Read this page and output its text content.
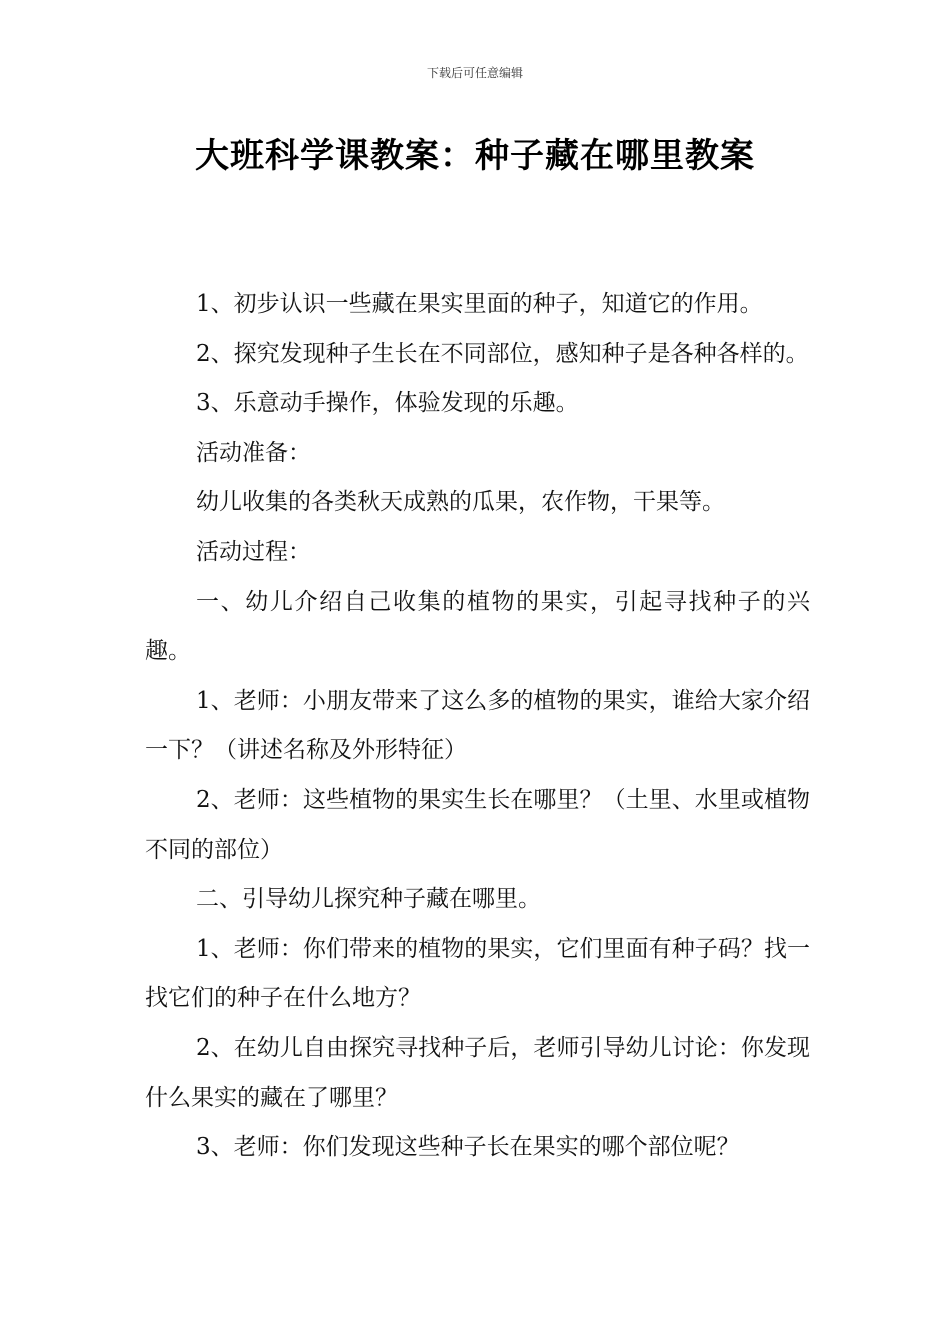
下载后可任意编辑
大班科学课教案：种子藏在哪里教案

1、初步认识一些藏在果实里面的种子，知道它的作用。

2、探究发现种子生长在不同部位，感知种子是各种各样的。

3、乐意动手操作，体验发现的乐趣。

活动准备：

幼儿收集的各类秋天成熟的瓜果，农作物，干果等。

活动过程：

一、幼儿介绍自己收集的植物的果实，引起寻找种子的兴趣。

1、老师：小朋友带来了这么多的植物的果实，谁给大家介绍一下？（讲述名称及外形特征）

2、老师：这些植物的果实生长在哪里？（土里、水里或植物不同的部位）

二、引导幼儿探究种子藏在哪里。

1、老师：你们带来的植物的果实，它们里面有种子码？找一找它们的种子在什么地方？

2、在幼儿自由探究寻找种子后，老师引导幼儿讨论：你发现什么果实的藏在了哪里？

3、老师：你们发现这些种子长在果实的哪个部位呢？
